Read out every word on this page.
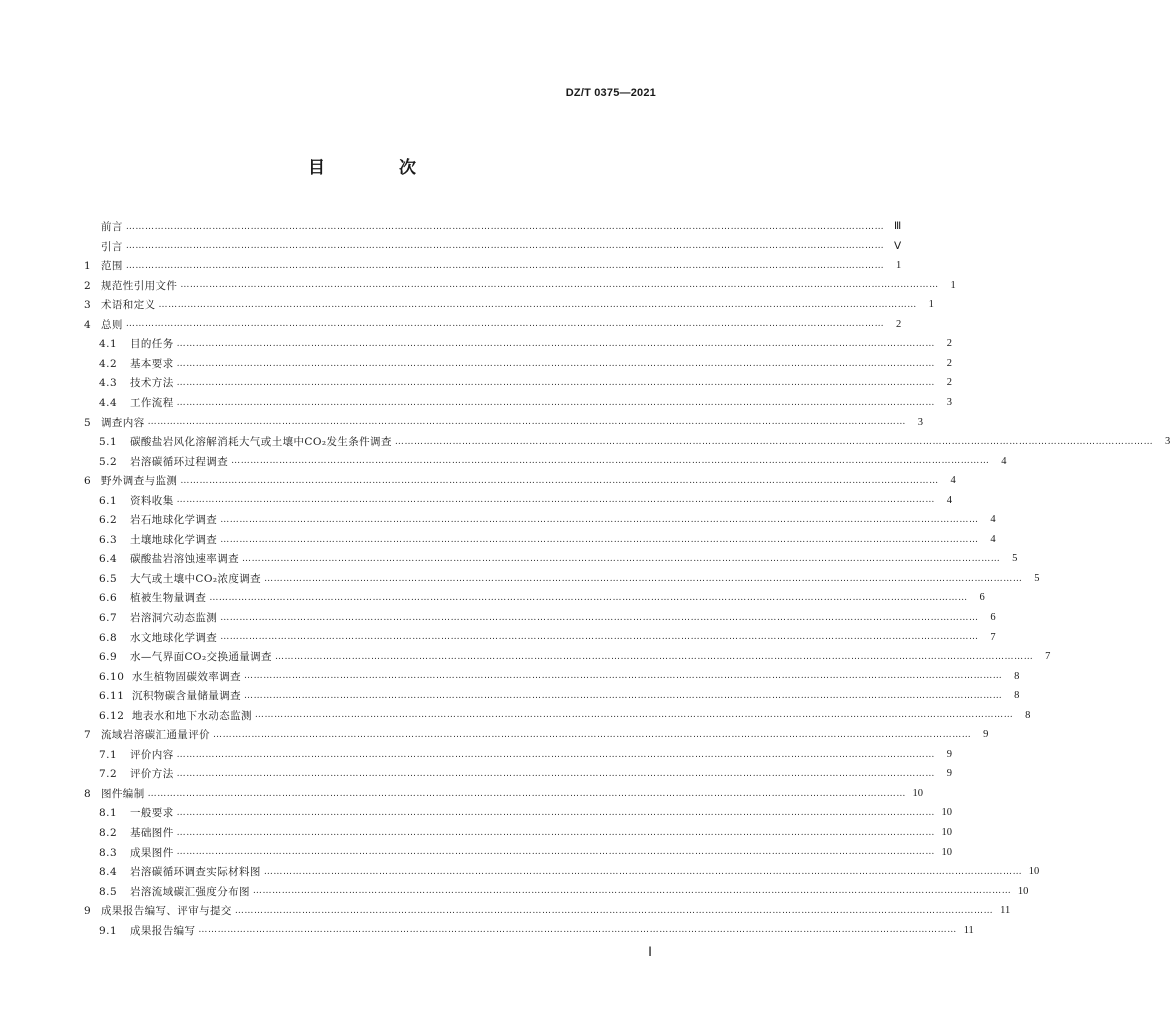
DZ/T 0375—2021
目 次
前言 ………………………………………………………………………………………………………………………………………………………………………………………………………………… Ⅲ
引言 ………………………………………………………………………………………………………………………………………………………………………………………………………………… Ⅴ
1 范围 …………………………………………………………………………………………………………………………………………………………………………………………………………………	1
2 规范性引用文件 …………………………………………………………………………………………………………………………………………………………………………………………………………………	1
3 术语和定义 …………………………………………………………………………………………………………………………………………………………………………………………………………………	1
4 总则 …………………………………………………………………………………………………………………………………………………………………………………………………………………	2
4.1	目的任务 …………………………………………………………………………………………………………………………………………………………………………………………………………………	2
4.2	基本要求 …………………………………………………………………………………………………………………………………………………………………………………………………………………	2
4.3	技术方法 …………………………………………………………………………………………………………………………………………………………………………………………………………………	2
4.4	工作流程 …………………………………………………………………………………………………………………………………………………………………………………………………………………	3
5 调查内容 …………………………………………………………………………………………………………………………………………………………………………………………………………………	3
5.1	碳酸盐岩风化溶解消耗大气或土壤中CO₂发生条件调查 …………………………………………………………………………………………………………………………………………………………………………………………………………………	3
5.2	岩溶碳循环过程调查 …………………………………………………………………………………………………………………………………………………………………………………………………………………	4
6 野外调查与监测 …………………………………………………………………………………………………………………………………………………………………………………………………………………	4
6.1	资料收集 …………………………………………………………………………………………………………………………………………………………………………………………………………………	4
6.2	岩石地球化学调查 …………………………………………………………………………………………………………………………………………………………………………………………………………………	4
6.3	土壤地球化学调查 …………………………………………………………………………………………………………………………………………………………………………………………………………………	4
6.4	碳酸盐岩溶蚀速率调查 …………………………………………………………………………………………………………………………………………………………………………………………………………………	5
6.5	大气或土壤中CO₂浓度调查 …………………………………………………………………………………………………………………………………………………………………………………………………………………	5
6.6	植被生物量调查 …………………………………………………………………………………………………………………………………………………………………………………………………………………	6
6.7	岩溶洞穴动态监测 …………………………………………………………………………………………………………………………………………………………………………………………………………………	6
6.8	水文地球化学调查 …………………………………………………………………………………………………………………………………………………………………………………………………………………	7
6.9	水—气界面CO₂交换通量调查 …………………………………………………………………………………………………………………………………………………………………………………………………………………	7
6.10 水生植物固碳效率调查 …………………………………………………………………………………………………………………………………………………………………………………………………………………	8
6.11 沉积物碳含量储量调查 …………………………………………………………………………………………………………………………………………………………………………………………………………………	8
6.12 地表水和地下水动态监测 …………………………………………………………………………………………………………………………………………………………………………………………………………………	8
7 流域岩溶碳汇通量评价 …………………………………………………………………………………………………………………………………………………………………………………………………………………	9
7.1	评价内容 …………………………………………………………………………………………………………………………………………………………………………………………………………………	9
7.2	评价方法 …………………………………………………………………………………………………………………………………………………………………………………………………………………	9
8 图件编制 ………………………………………………………………………………………………………………………………………………………………………………………………………………… 10
8.1	一般要求 ………………………………………………………………………………………………………………………………………………………………………………………………………………… 10
8.2	基础图件 ………………………………………………………………………………………………………………………………………………………………………………………………………………… 10
8.3	成果图件 ………………………………………………………………………………………………………………………………………………………………………………………………………………… 10
8.4	岩溶碳循环调查实际材料图 ………………………………………………………………………………………………………………………………………………………………………………………………………………… 10
8.5	岩溶流域碳汇强度分布图 ………………………………………………………………………………………………………………………………………………………………………………………………………………… 10
9 成果报告编写、评审与提交 ………………………………………………………………………………………………………………………………………………………………………………………………………………… 11
9.1	成果报告编写 ………………………………………………………………………………………………………………………………………………………………………………………………………………… 11
Ⅰ
